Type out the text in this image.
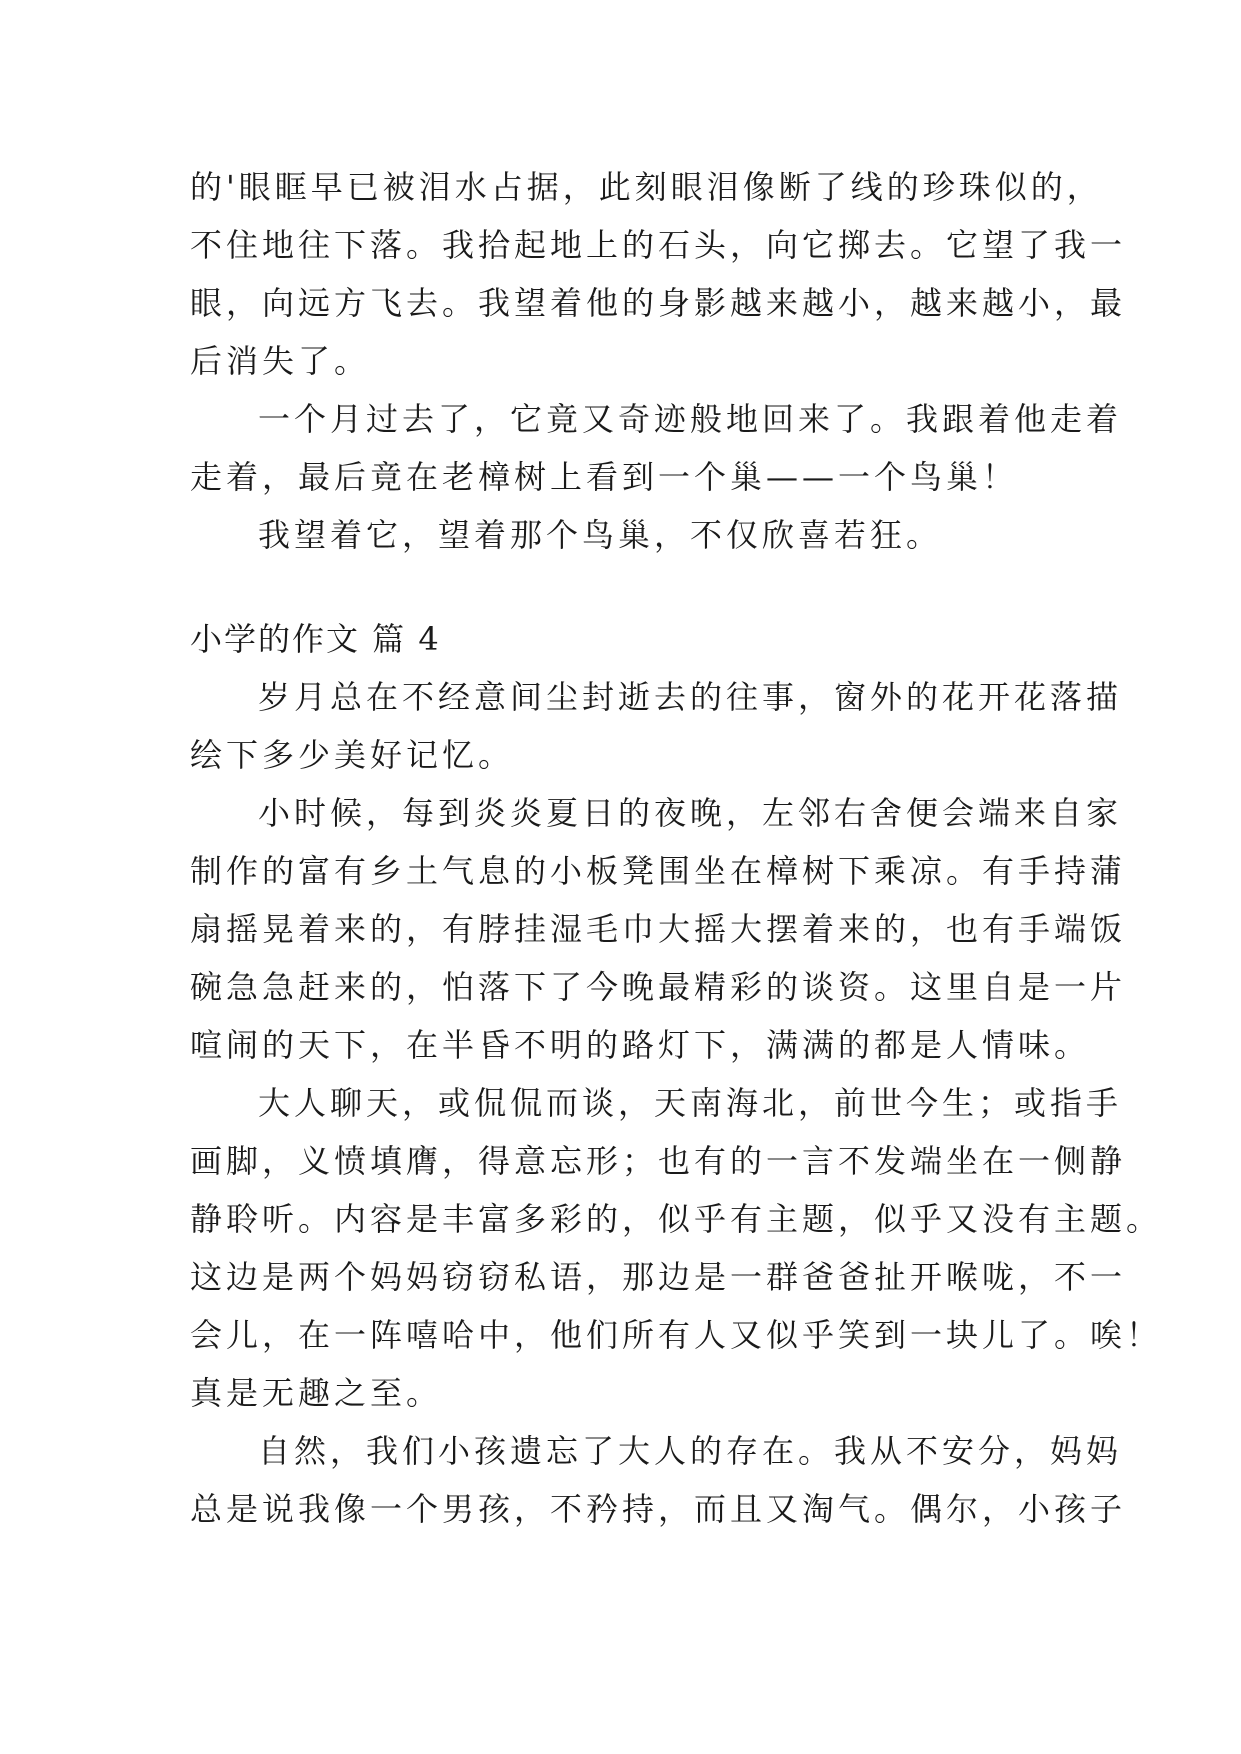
的'眼眶早已被泪水占据，此刻眼泪像断了线的珍珠似的，
不住地往下落。我拾起地上的石头，向它掷去。它望了我一
眼，向远方飞去。我望着他的身影越来越小，越来越小，最
后消失了。
一个月过去了，它竟又奇迹般地回来了。我跟着他走着
走着，最后竟在老樟树上看到一个巢——一个鸟巢！
我望着它，望着那个鸟巢，不仅欣喜若狂。
小学的作文 篇 4
岁月总在不经意间尘封逝去的往事，窗外的花开花落描
绘下多少美好记忆。
小时候，每到炎炎夏日的夜晚，左邻右舍便会端来自家
制作的富有乡土气息的小板凳围坐在樟树下乘凉。有手持蒲
扇摇晃着来的，有脖挂湿毛巾大摇大摆着来的，也有手端饭
碗急急赶来的，怕落下了今晚最精彩的谈资。这里自是一片
喧闹的天下，在半昏不明的路灯下，满满的都是人情味。
大人聊天，或侃侃而谈，天南海北，前世今生；或指手
画脚，义愤填膺，得意忘形；也有的一言不发端坐在一侧静
静聆听。内容是丰富多彩的，似乎有主题，似乎又没有主题。
这边是两个妈妈窃窃私语，那边是一群爸爸扯开喉咙，不一
会儿，在一阵嘻哈中，他们所有人又似乎笑到一块儿了。唉！
真是无趣之至。
自然，我们小孩遗忘了大人的存在。我从不安分，妈妈
总是说我像一个男孩，不矜持，而且又淘气。偶尔，小孩子
